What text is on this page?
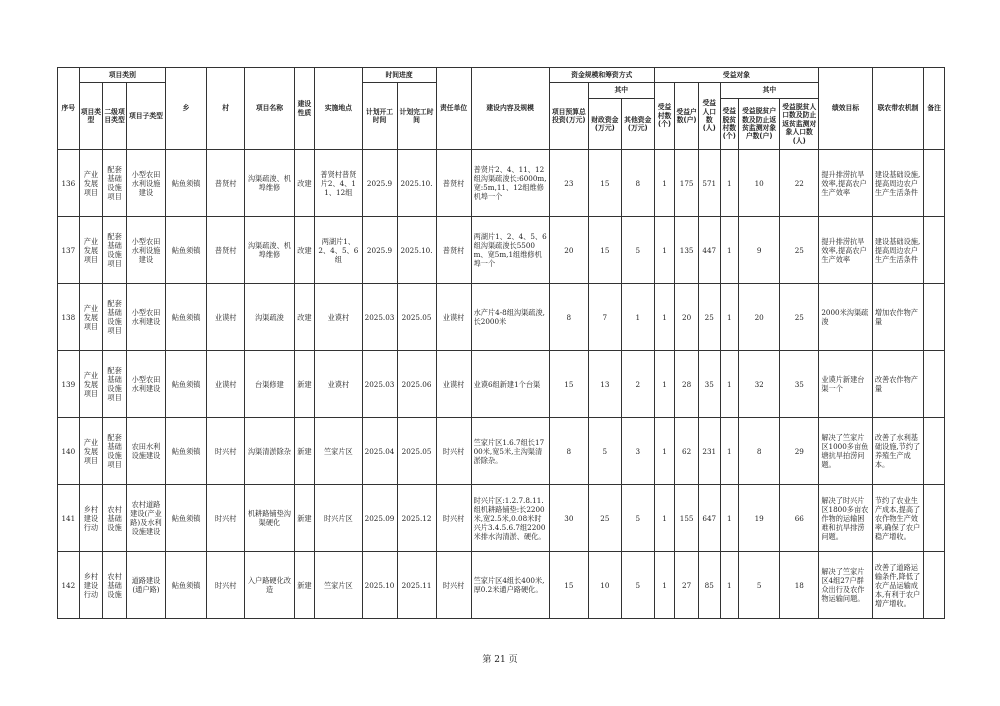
序号	项目类别			乡	村	项目名称	建设性质	实施地点	时间进度		责任单位	建设内容及规模	资金规模和筹资方式			受益对象						绩效目标	联农带农机制	备注
	项目类型	二级项目类型	项目子类型						计划开工时间	计划完工时间			项目预算总投资(万元)	其中		受益村数(个)	受益户数(户)	受益人口数(人)	其中					
														财政资金(万元)	其他资金(万元)				受益脱贫村数(个)	受益脱贫户数及防止返贫监测对象户数(户)	受益脱贫人口数及防止返贫监测对象人口数(人)			
136	产业发展项目	配套基础设施项目	小型农田水利设施建设	鲇鱼须镇	普贤村	沟渠疏浚、机埠维修	改建	普贤村普贤片2、4、11、12组	2025.9	2025.10.	普贤村	普贤片2、4、11、12组沟渠疏浚长:6000m,宽:5m,11、12组维修机埠一个	23	15	8	1	175	571	1	10	22	提升排涝抗旱效率,提高农户生产效率	建设基础设施,提高周边农户生产生活条件	
137	产业发展项目	配套基础设施项目	小型农田水利设施建设	鲇鱼须镇	普贤村	沟渠疏浚、机埠维修	改建	两湖片1、2、4、5、6组	2025.9	2025.10.	普贤村	两湖片1、2、4、5、6组沟渠疏浚长5500m、宽5m,1组维修机埠一个	20	15	5	1	135	447	1	9	25	提升排涝抗旱效率,提高农户生产效率	建设基础设施,提高周边农户生产生活条件	
138	产业发展项目	配套基础设施项目	小型农田水利建设	鲇鱼须镇	业谟村	沟渠疏浚	改建	业谟村	2025.03	2025.05	业谟村	水产片4-8组沟渠疏浚,长2000米	8	7	1	1	20	25	1	20	25	2000米沟渠疏浚	增加农作物产量	
139	产业发展项目	配套基础设施项目	小型农田水利建设	鲇鱼须镇	业谟村	台渠修建	新建	业谟村	2025.03	2025.06	业谟村	业谟6组新建1个台渠	15	13	2	1	28	35	1	32	35	业谟片新建台渠一个	改善农作物产量	
140	产业发展项目	配套基础设施项目	农田水利设施建设	鲇鱼须镇	时兴村	沟渠清淤除杂	新建	竺家片区	2025.04	2025.05	时兴村	竺家片区1.6.7组长1700米,宽5米,主沟渠清淤除杂。	8	5	3	1	62	231	1	8	29	解决了竺家片区1000多亩鱼塘抗旱拍涝问题。	改善了水利基础设施,节约了养殖生产成本。	
141	乡村建设行动	农村基础设施	农村道路建设(产业路)及水利设施建设	鲇鱼须镇	时兴村	机耕路铺垫沟渠硬化	新建	时兴片区	2025.09	2025.12	时兴村	时兴片区:1.2.7.8.11.组机耕路铺垫:长2200米,宽2.5米,0.08米时兴片3.4.5.6.7组2200米排水沟清淤、硬化。	30	25	5	1	155	647	1	19	66	解决了时兴片区1800多亩农作物的运输困难和抗旱排涝问题。	节约了农业生产成本,提高了农作物生产效率,确保了农户稳产增收。	
142	乡村建设行动	农村基础设施	道路建设(通户路)	鲇鱼须镇	时兴村	入户路硬化改造	新建	竺家片区	2025.10	2025.11	时兴村	竺家片区4组长400米,厚0.2米通户路硬化。	15	10	5	1	27	85	1	5	18	解决了竺家片区4组27户群众出行及农作物运输问题。	改善了道路运输条件,降低了农产品运输成本,有利于农户增产增收。	
第 21 页
